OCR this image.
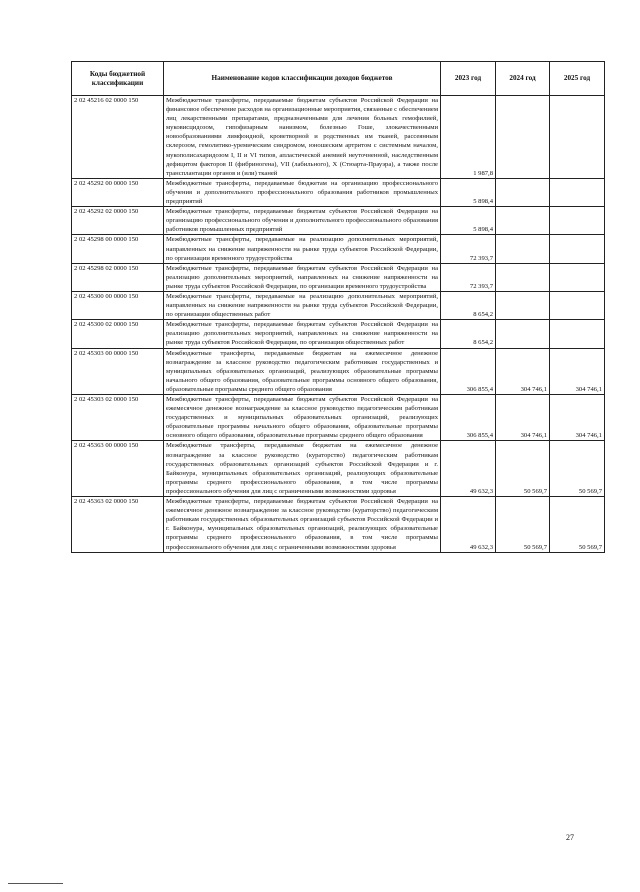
Коды бюджетной классификации	Наименование кодов классификации доходов бюджетов	2023 год	2024 год	2025 год
2 02 45216 02 0000 150	Межбюджетные трансферты, передаваемые бюджетам субъектов Российской Федерации на финансовое обеспечение расходов на организационные мероприятия, связанные с обеспечением лиц лекарственными препаратами, предназначенными для лечения больных гемофилией, муковисцидозом, гипофизарным нанизмом, болезнью Гоше, злокачественными новообразованиями лимфоидной, кроветворной и родственных им тканей, рассеянным склерозом, гемолитико-уремическим синдромом, юношеским артритом с системным началом, мукополисахаридозом I, II и VI типов, апластической анемией неуточненной, наследственным дефицитом факторов II (фибриногена), VII (лабильного), X (Стюарта-Прауэра), а также после трансплантации органов и (или) тканей	1 987,8		
2 02 45292 00 0000 150	Межбюджетные трансферты, передаваемые бюджетам на организацию профессионального обучения и дополнительного профессионального образования работников промышленных предприятий	5 898,4		
2 02 45292 02 0000 150	Межбюджетные трансферты, передаваемые бюджетам субъектов Российской Федерации на организацию профессионального обучения и дополнительного профессионального образования работников промышленных предприятий	5 898,4		
2 02 45298 00 0000 150	Межбюджетные трансферты, передаваемые на реализацию дополнительных мероприятий, направленных на снижение напряженности на рынке труда субъектов Российской Федерации, по организации временного трудоустройства	72 393,7		
2 02 45298 02 0000 150	Межбюджетные трансферты, передаваемые бюджетам субъектов Российской Федерации на реализацию дополнительных мероприятий, направленных на снижение напряженности на рынке труда субъектов Российской Федерации, по организации временного трудоустройства	72 393,7		
2 02 45300 00 0000 150	Межбюджетные трансферты, передаваемые на реализацию дополнительных мероприятий, направленных на снижение напряженности на рынке труда субъектов Российской Федерации, по организации общественных работ	8 654,2		
2 02 45300 02 0000 150	Межбюджетные трансферты, передаваемые бюджетам субъектов Российской Федерации на реализацию дополнительных мероприятий, направленных на снижение напряженности на рынке труда субъектов Российской Федерации, по организации общественных работ	8 654,2		
2 02 45303 00 0000 150	Межбюджетные трансферты, передаваемые бюджетам на ежемесячное денежное вознаграждение за классное руководство педагогическим работникам государственных и муниципальных образовательных организаций, реализующих образовательные программы начального общего образования, образовательные программы основного общего образования, образовательные программы среднего общего образования	306 855,4	304 746,1	304 746,1
2 02 45303 02 0000 150	Межбюджетные трансферты, передаваемые бюджетам субъектов Российской Федерации на ежемесячное денежное вознаграждение за классное руководство педагогическим работникам государственных и муниципальных образовательных организаций, реализующих образовательные программы начального общего образования, образовательные программы основного общего образования, образовательные программы среднего общего образования	306 855,4	304 746,1	304 746,1
2 02 45363 00 0000 150	Межбюджетные трансферты, передаваемые бюджетам на ежемесячное денежное вознаграждение за классное руководство (кураторство) педагогическим работникам государственных образовательных организаций субъектов Российской Федерации и г. Байконура, муниципальных образовательных организаций, реализующих образовательные программы среднего профессионального образования, в том числе программы профессионального обучения для лиц с ограниченными возможностями здоровья	49 632,3	50 569,7	50 569,7
2 02 45363 02 0000 150	Межбюджетные трансферты, передаваемые бюджетам субъектов Российской Федерации на ежемесячное денежное вознаграждение за классное руководство (кураторство) педагогическим работникам государственных образовательных организаций субъектов Российской Федерации и г. Байконура, муниципальных образовательных организаций, реализующих образовательные программы среднего профессионального образования, в том числе программы профессионального обучения для лиц с ограниченными возможностями здоровья	49 632,3	50 569,7	50 569,7
27
